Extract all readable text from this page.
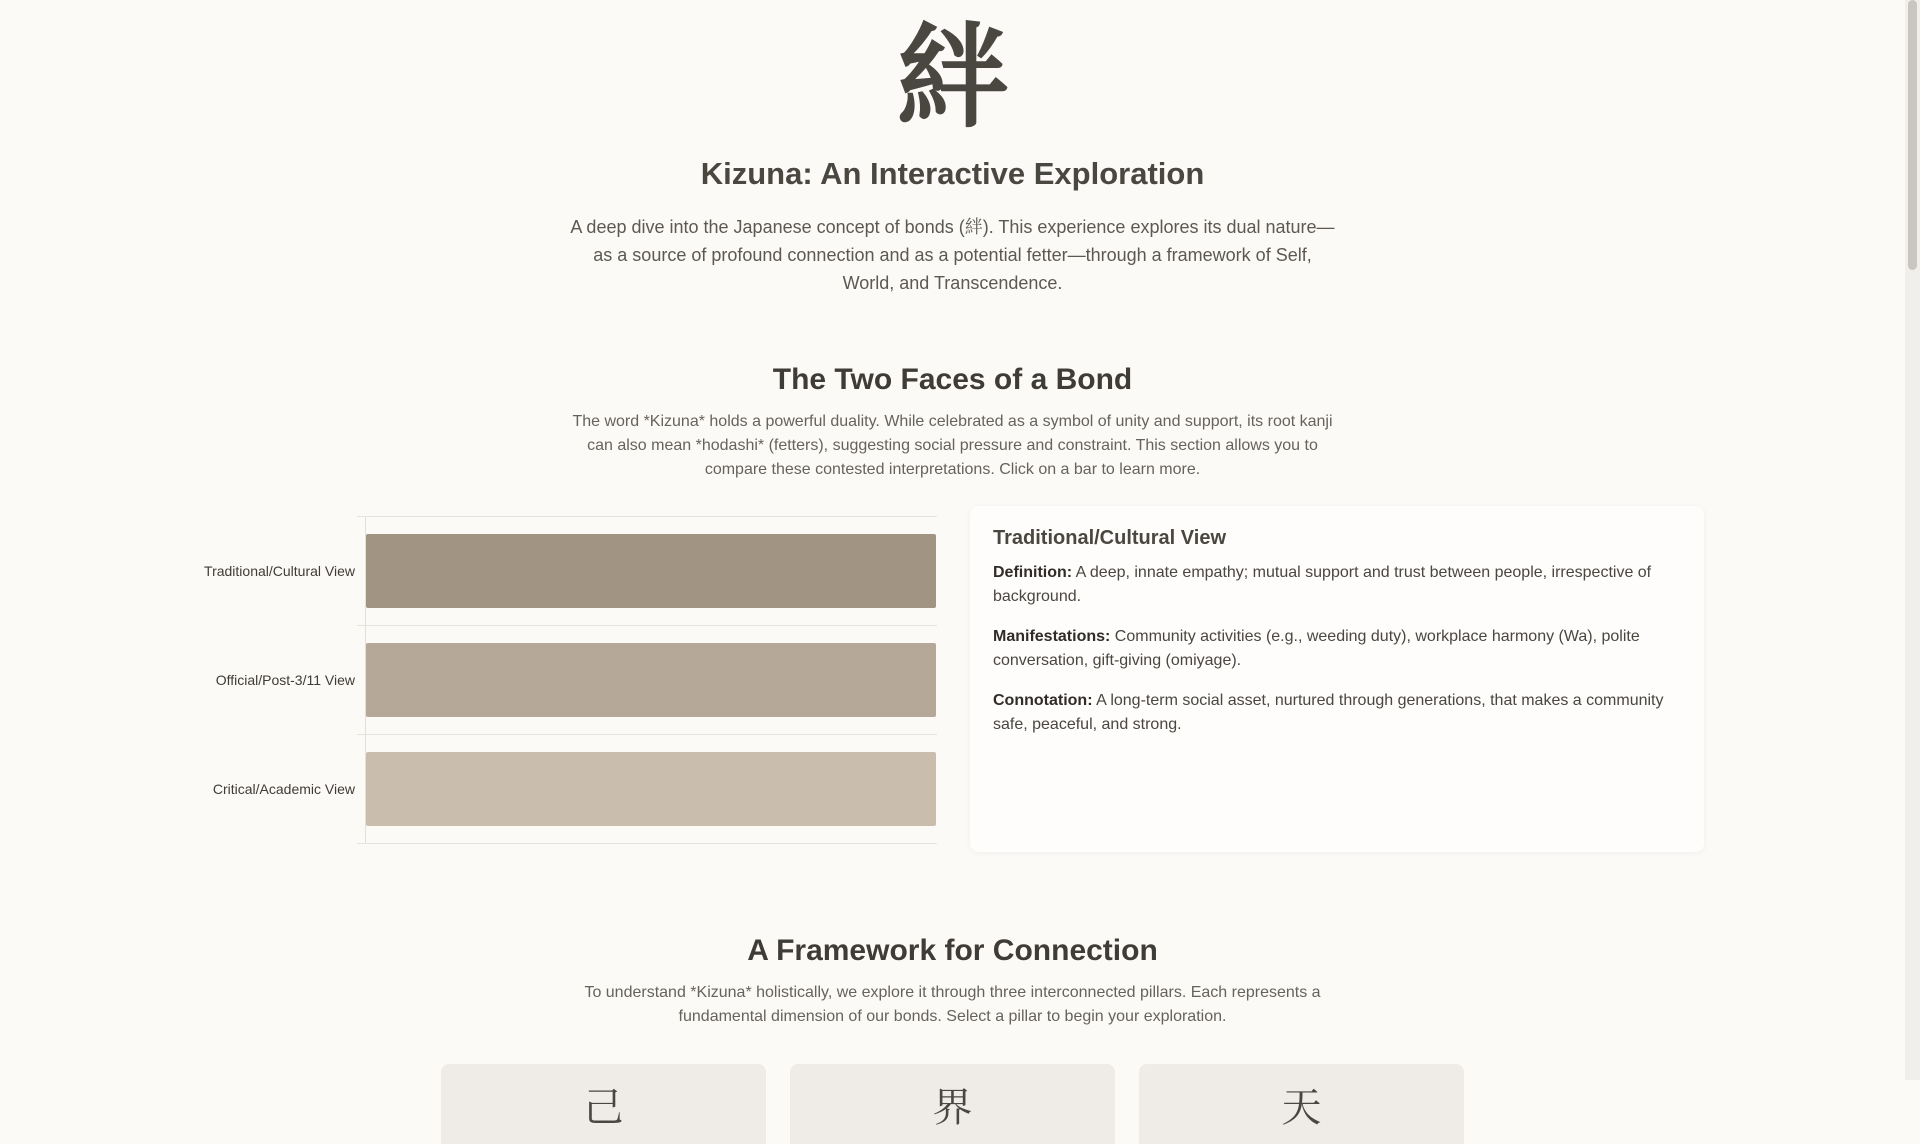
絆
Kizuna: An Interactive Exploration

A deep dive into the Japanese concept of bonds (絆). This experience explores its dual nature—as a source of profound connection and as a potential fetter—through a framework of Self, World, and Transcendence.

The Two Faces of a Bond

The word *Kizuna* holds a powerful duality. While celebrated as a symbol of unity and support, its root kanji can also mean *hodashi* (fetters), suggesting social pressure and constraint. This section allows you to compare these contested interpretations. Click on a bar to learn more.

Traditional/Cultural View
Official/Post-3/11 View
Critical/Academic View
Traditional/Cultural View

Definition: A deep, innate empathy; mutual support and trust between people, irrespective of background.

Manifestations: Community activities (e.g., weeding duty), workplace harmony (Wa), polite conversation, gift-giving (omiyage).

Connotation: A long-term social asset, nurtured through generations, that makes a community safe, peaceful, and strong.

A Framework for Connection

To understand *Kizuna* holistically, we explore it through three interconnected pillars. Each represents a fundamental dimension of our bonds. Select a pillar to begin your exploration.

己	界	天
